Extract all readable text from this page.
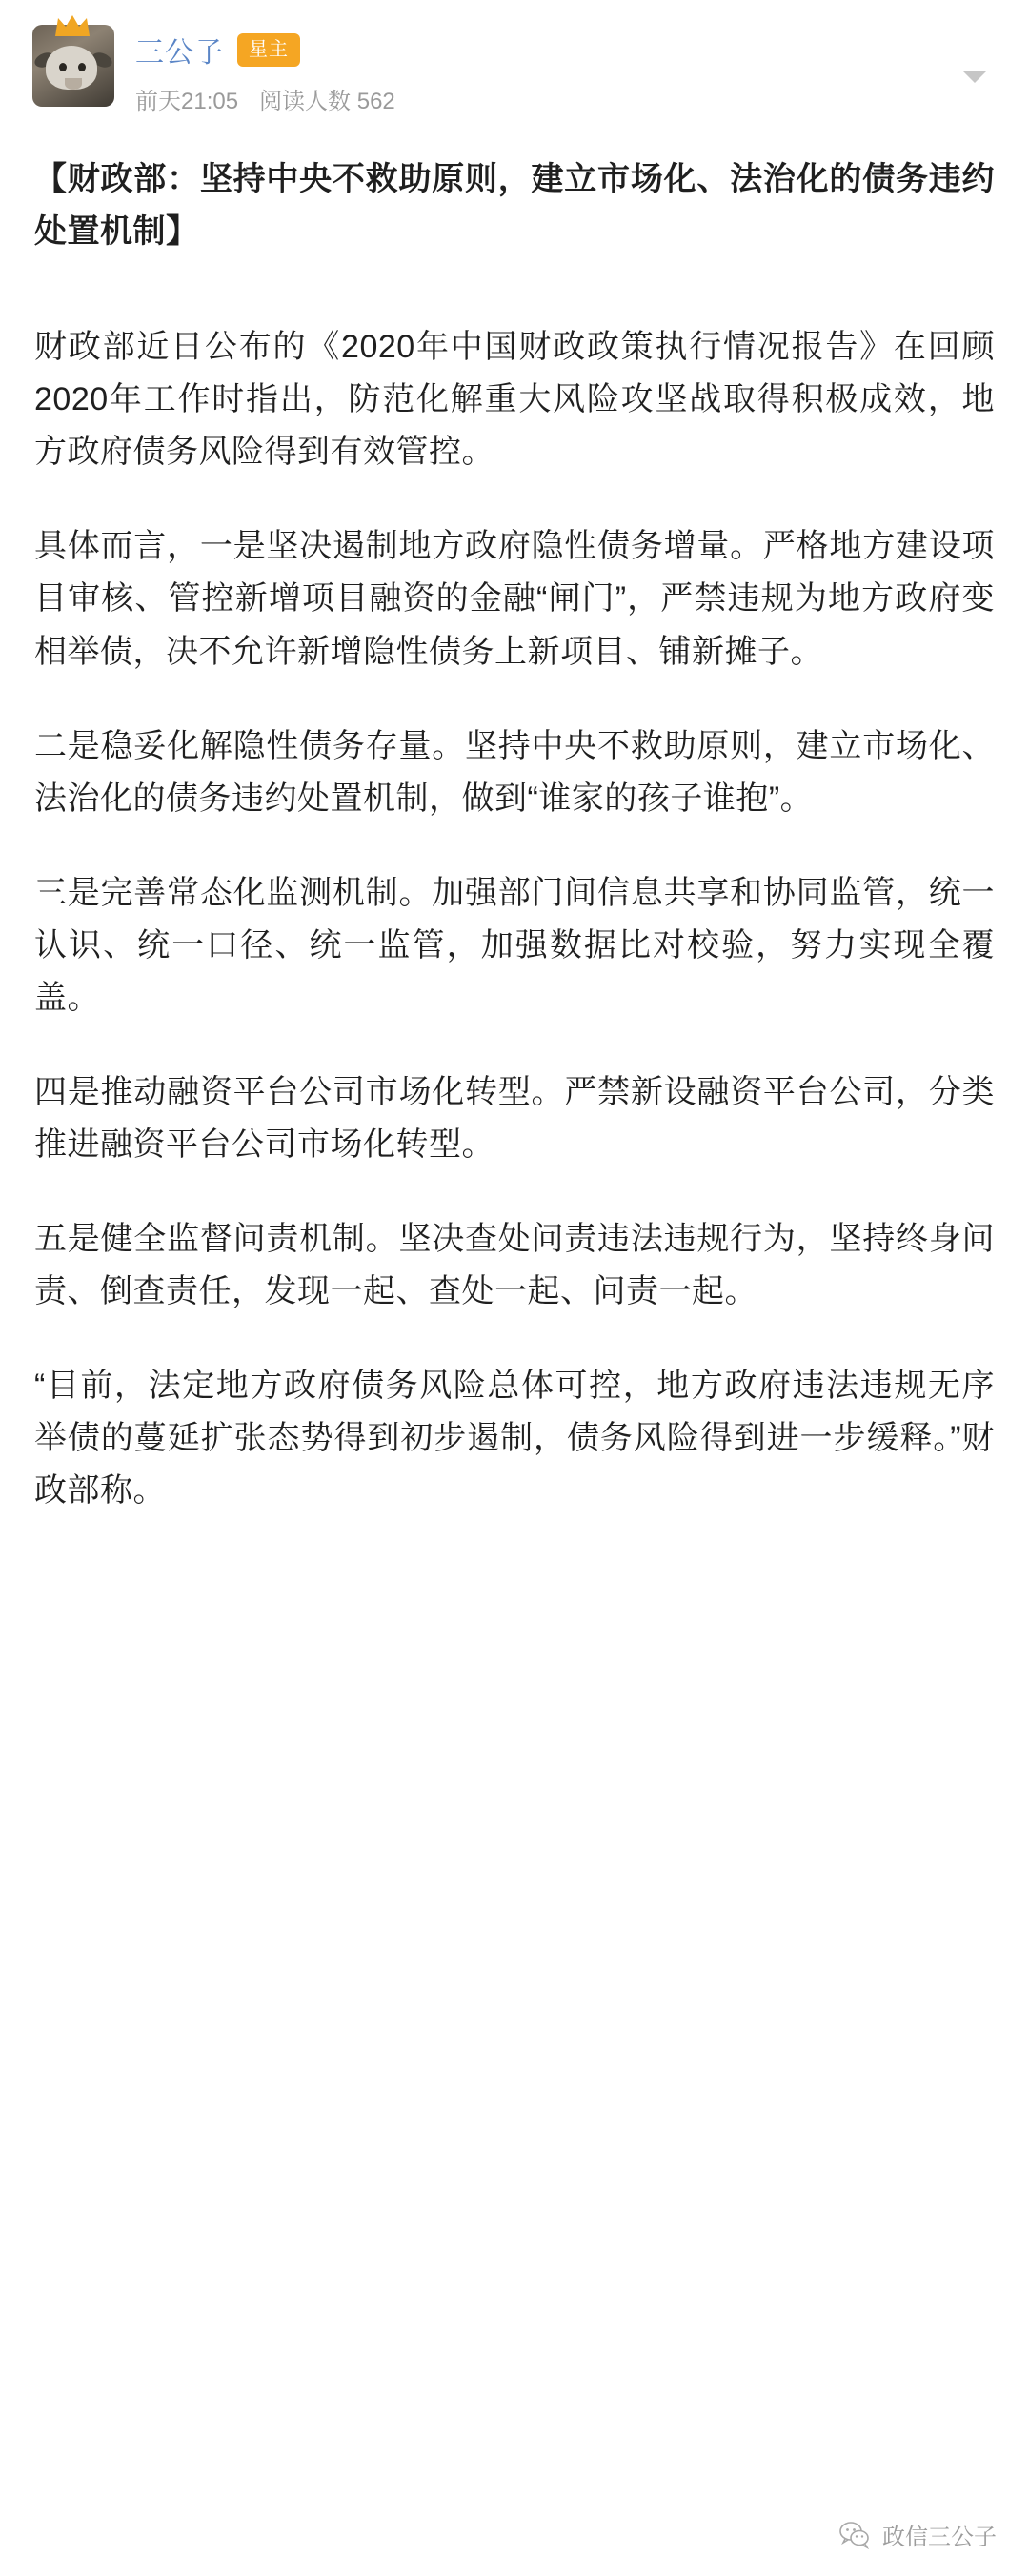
三公子	星主
前天21:05 阅读人数 562

【财政部：坚持中央不救助原则，建立市场化、法治化的债务违约处置机制】

财政部近日公布的《2020年中国财政政策执行情况报告》在回顾2020年工作时指出，防范化解重大风险攻坚战取得积极成效，地方政府债务风险得到有效管控。

具体而言，一是坚决遏制地方政府隐性债务增量。严格地方建设项目审核、管控新增项目融资的金融“闸门”，严禁违规为地方政府变相举债，决不允许新增隐性债务上新项目、铺新摊子。

二是稳妥化解隐性债务存量。坚持中央不救助原则，建立市场化、法治化的债务违约处置机制，做到“谁家的孩子谁抱”。

三是完善常态化监测机制。加强部门间信息共享和协同监管，统一认识、统一口径、统一监管，加强数据比对校验，努力实现全覆盖。

四是推动融资平台公司市场化转型。严禁新设融资平台公司，分类推进融资平台公司市场化转型。

五是健全监督问责机制。坚决查处问责违法违规行为，坚持终身问责、倒查责任，发现一起、查处一起、问责一起。

“目前，法定地方政府债务风险总体可控，地方政府违法违规无序举债的蔓延扩张态势得到初步遏制，债务风险得到进一步缓释。”财政部称。

政信三公子
